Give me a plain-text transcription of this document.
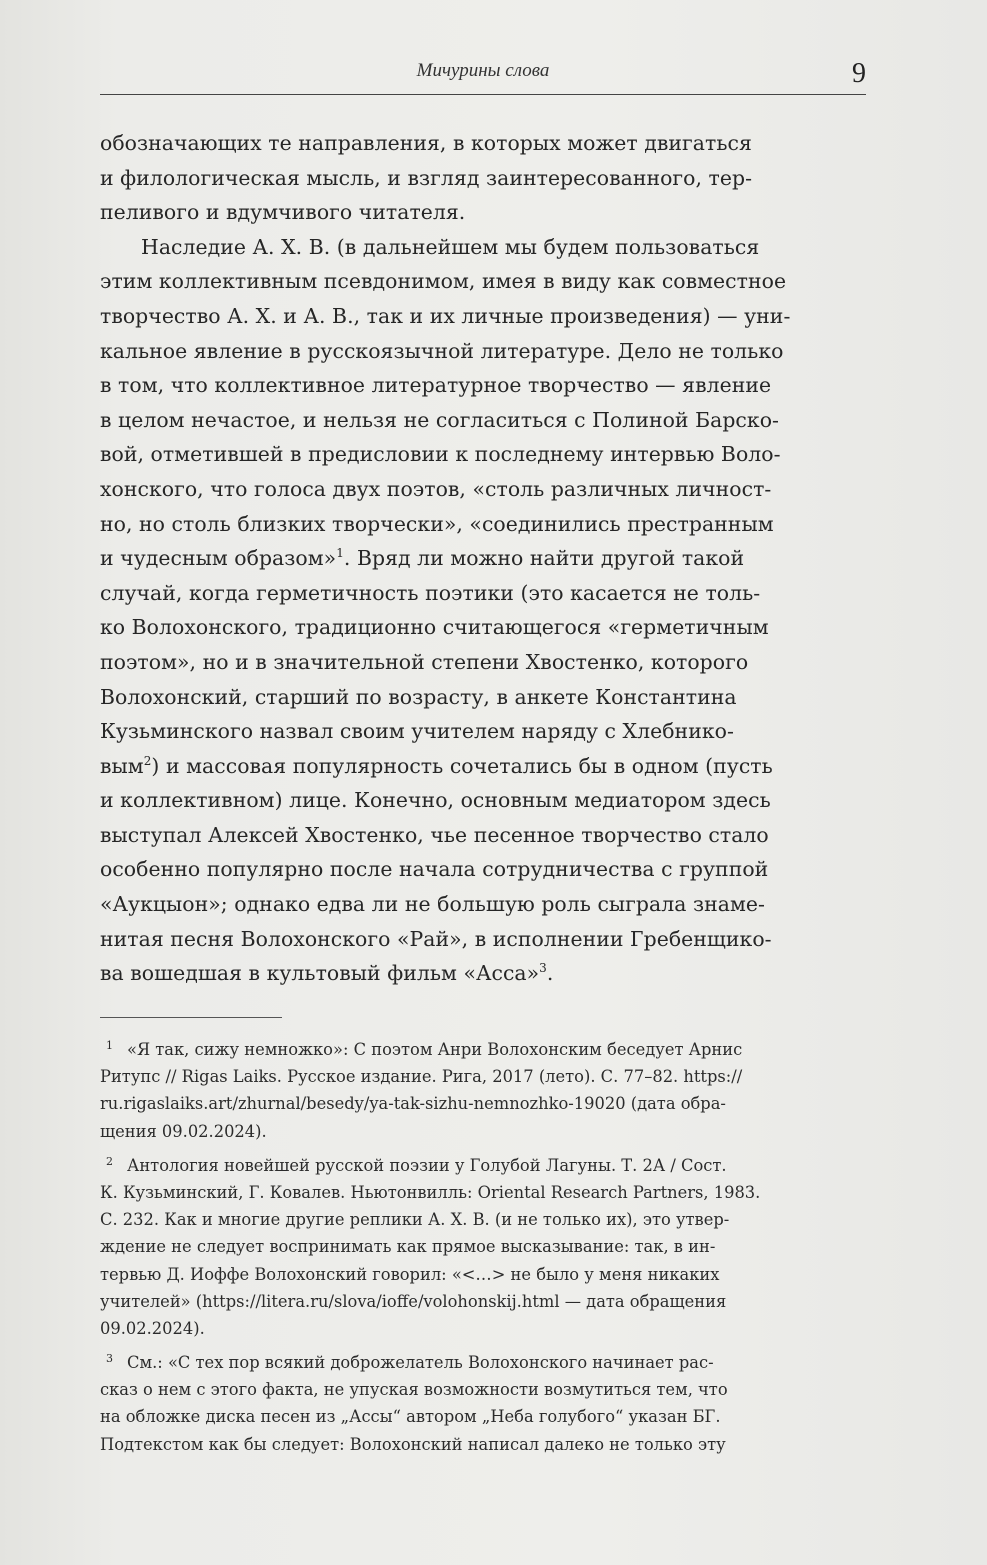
Мичурины слова	9
обозначающих те направления, в которых может двигаться
и филологическая мысль, и взгляд заинтересованного, тер-
пеливого и вдумчивого читателя.
Наследие А. Х. В. (в дальнейшем мы будем пользоваться
этим коллективным псевдонимом, имея в виду как совместное
творчество А. Х. и А. В., так и их личные произведения) — уни-
кальное явление в русскоязычной литературе. Дело не только
в том, что коллективное литературное творчество — явление
в целом нечастое, и нельзя не согласиться с Полиной Барско-
вой, отметившей в предисловии к последнему интервью Воло-
хонского, что голоса двух поэтов, «столь различных личност-
но, но столь близких творчески», «соединились престранным
и чудесным образом»$^1$. Вряд ли можно найти другой такой
случай, когда герметичность поэтики (это касается не толь-
ко Волохонского, традиционно считающегося «герметичным
поэтом», но и в значительной степени Хвостенко, которого
Волохонский, старший по возрасту, в анкете Константина
Кузьминского назвал своим учителем наряду с Хлебнико-
вым$^2$) и массовая популярность сочетались бы в одном (пусть
и коллективном) лице. Конечно, основным медиатором здесь
выступал Алексей Хвостенко, чье песенное творчество стало
особенно популярно после начала сотрудничества с группой
«Аукцыон»; однако едва ли не большую роль сыграла знаме-
нитая песня Волохонского «Рай», в исполнении Гребенщико-
ва вошедшая в культовый фильм «Асса»$^3$.
$^1$ «Я так, сижу немножко»: С поэтом Анри Волохонским беседует Арнис
Ритупс // Rigas Laiks. Русское издание. Рига, 2017 (лето). С. 77–82. https://
ru.rigaslaiks.art/zhurnal/besedy/ya-tak-sizhu-nemnozhko-19020 (дата обра-
щения 09.02.2024).
$^2$ Антология новейшей русской поэзии у Голубой Лагуны. Т. 2А / Сост.
К. Кузьминский, Г. Ковалев. Ньютонвилль: Oriental Research Partners, 1983.
С. 232. Как и многие другие реплики А. Х. В. (и не только их), это утвер-
ждение не следует воспринимать как прямое высказывание: так, в ин-
тервью Д. Иоффе Волохонский говорил: «<…> не было у меня никаких
учителей» (https://litera.ru/slova/ioffe/volohonskij.html — дата обращения
09.02.2024).
$^3$ См.: «С тех пор всякий доброжелатель Волохонского начинает рас-
сказ о нем с этого факта, не упуская возможности возмутиться тем, что
на обложке диска песен из „Ассы“ автором „Неба голубого“ указан БГ.
Подтекстом как бы следует: Волохонский написал далеко не только эту
